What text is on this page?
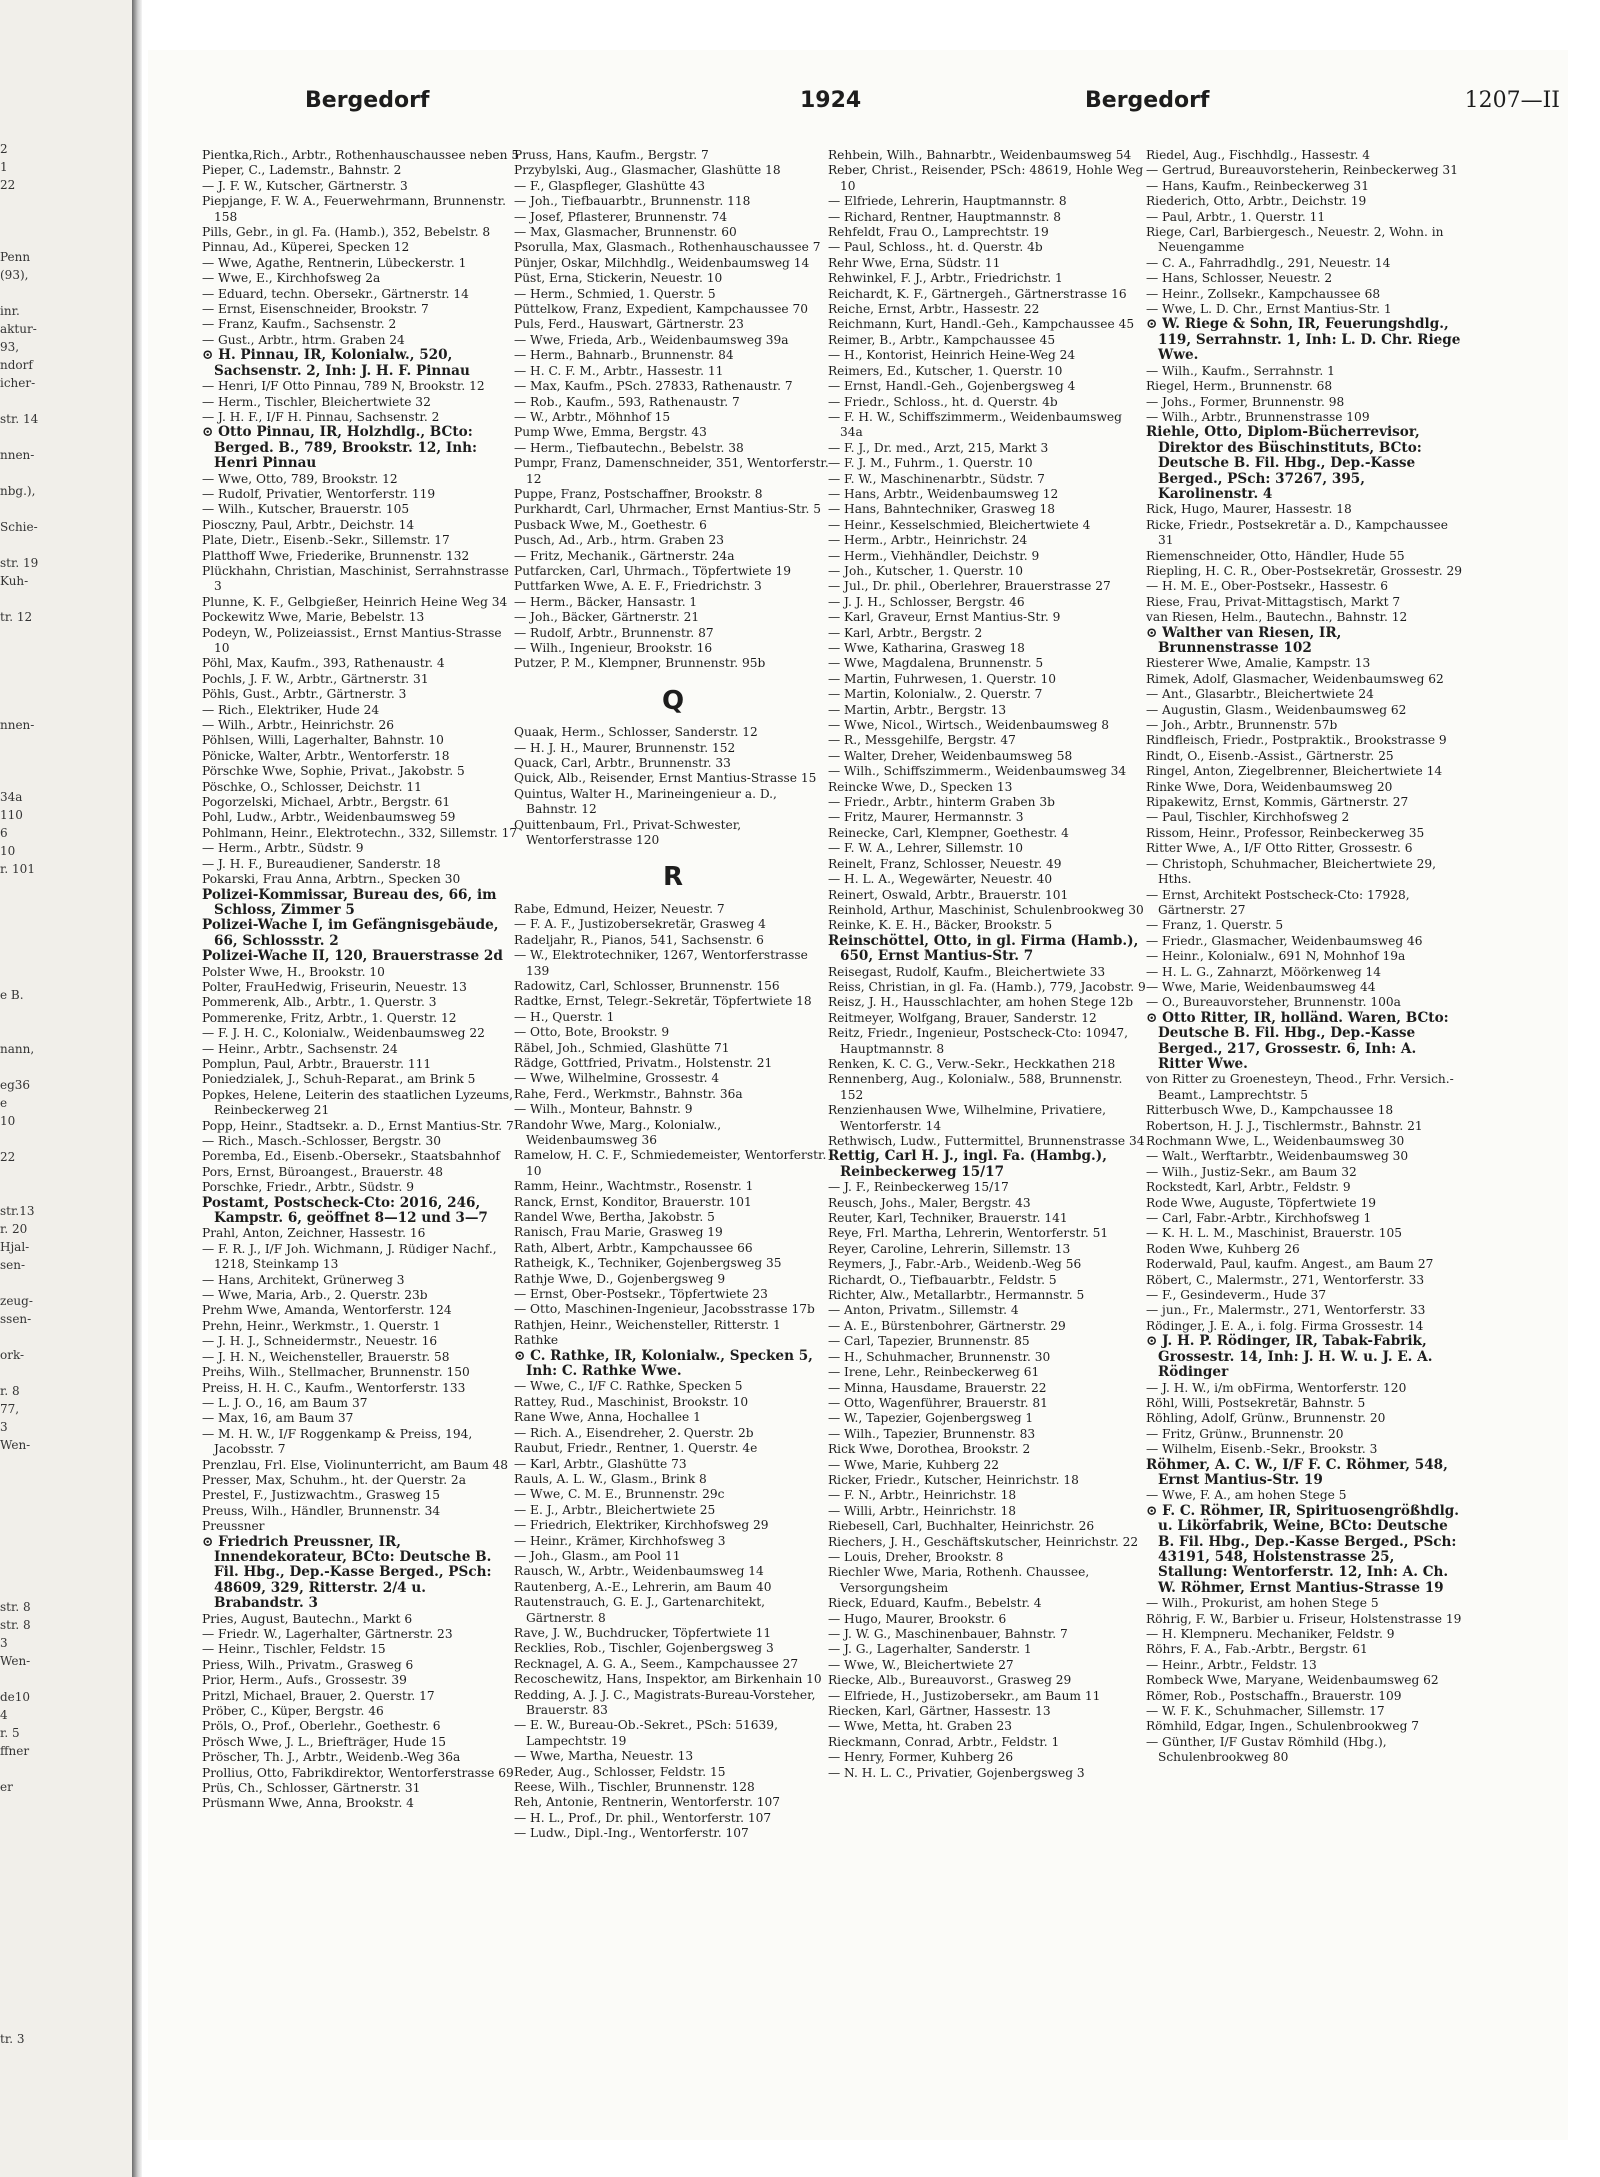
2
1
22

Penn
(93),

inr.
aktur-
93,
ndorf
icher-

str. 14

nnen-

nbg.),

Schie-

str. 19
Kuh-

tr. 12

nnen-

34a
110
6
10
r. 101

e B.

nann,

eg36
e
10

22

str.13
r. 20
Hjal-
sen-

zeug-
ssen-

ork-

r. 8
77,
3
Wen-

str. 8
str. 8
3
Wen-

de10
4
r. 5
ffner

er

tr. 3
Bergedorf	1924	Bergedorf	1207—II
Pientka,Rich., Arbtr., Rothenhauschaussee neben 5
Pieper, C., Lademstr., Bahnstr. 2
— J. F. W., Kutscher, Gärtnerstr. 3
Piepjange, F. W. A., Feuerwehrmann, Brunnenstr. 158
Pills, Gebr., in gl. Fa. (Hamb.), 352, Bebelstr. 8
Pinnau, Ad., Küperei, Specken 12
— Wwe, Agathe, Rentnerin, Lübeckerstr. 1
— Wwe, E., Kirchhofsweg 2a
— Eduard, techn. Obersekr., Gärtnerstr. 14
— Ernst, Eisenschneider, Brookstr. 7
— Franz, Kaufm., Sachsenstr. 2
— Gust., Arbtr., htrm. Graben 24
⊙ H. Pinnau, IR, Kolonialw., 520, Sachsenstr. 2, Inh: J. H. F. Pinnau
— Henri, I/F Otto Pinnau, 789 N, Brookstr. 12
— Herm., Tischler, Bleichertwiete 32
— J. H. F., I/F H. Pinnau, Sachsenstr. 2
⊙ Otto Pinnau, IR, Holzhdlg., BCto: Berged. B., 789, Brookstr. 12, Inh: Henri Pinnau
— Wwe, Otto, 789, Brookstr. 12
— Rudolf, Privatier, Wentorferstr. 119
— Wilh., Kutscher, Brauerstr. 105
Piosczny, Paul, Arbtr., Deichstr. 14
Plate, Dietr., Eisenb.-Sekr., Sillemstr. 17
Platthoff Wwe, Friederike, Brunnenstr. 132
Plückhahn, Christian, Maschinist, Serrahnstrasse 3
Plunne, K. F., Gelbgießer, Heinrich Heine Weg 34
Pockewitz Wwe, Marie, Bebelstr. 13
Podeyn, W., Polizeiassist., Ernst Mantius-Strasse 10
Pöhl, Max, Kaufm., 393, Rathenaustr. 4
Pochls, J. F. W., Arbtr., Gärtnerstr. 31
Pöhls, Gust., Arbtr., Gärtnerstr. 3
— Rich., Elektriker, Hude 24
— Wilh., Arbtr., Heinrichstr. 26
Pöhlsen, Willi, Lagerhalter, Bahnstr. 10
Pönicke, Walter, Arbtr., Wentorferstr. 18
Pörschke Wwe, Sophie, Privat., Jakobstr. 5
Pöschke, O., Schlosser, Deichstr. 11
Pogorzelski, Michael, Arbtr., Bergstr. 61
Pohl, Ludw., Arbtr., Weidenbaumsweg 59
Pohlmann, Heinr., Elektrotechn., 332, Sillemstr. 17
— Herm., Arbtr., Südstr. 9
— J. H. F., Bureaudiener, Sanderstr. 18
Pokarski, Frau Anna, Arbtrn., Specken 30
Polizei-Kommissar, Bureau des, 66, im Schloss, Zimmer 5
Polizei-Wache I, im Gefängnisgebäude, 66, Schlossstr. 2
Polizei-Wache II, 120, Brauerstrasse 2d
Polster Wwe, H., Brookstr. 10
Polter, FrauHedwig, Friseurin, Neuestr. 13
Pommerenk, Alb., Arbtr., 1. Querstr. 3
Pommerenke, Fritz, Arbtr., 1. Querstr. 12
— F. J. H. C., Kolonialw., Weidenbaumsweg 22
— Heinr., Arbtr., Sachsenstr. 24
Pomplun, Paul, Arbtr., Brauerstr. 111
Poniedzialek, J., Schuh-Reparat., am Brink 5
Popkes, Helene, Leiterin des staatlichen Lyzeums, Reinbeckerweg 21
Popp, Heinr., Stadtsekr. a. D., Ernst Mantius-Str. 7
— Rich., Masch.-Schlosser, Bergstr. 30
Poremba, Ed., Eisenb.-Obersekr., Staatsbahnhof
Pors, Ernst, Büroangest., Brauerstr. 48
Porschke, Friedr., Arbtr., Südstr. 9
Postamt, Postscheck-Cto: 2016, 246, Kampstr. 6, geöffnet 8—12 und 3—7
Prahl, Anton, Zeichner, Hassestr. 16
— F. R. J., I/F Joh. Wichmann, J. Rüdiger Nachf., 1218, Steinkamp 13
— Hans, Architekt, Grünerweg 3
— Wwe, Maria, Arb., 2. Querstr. 23b
Prehm Wwe, Amanda, Wentorferstr. 124
Prehn, Heinr., Werkmstr., 1. Querstr. 1
— J. H. J., Schneidermstr., Neuestr. 16
— J. H. N., Weichensteller, Brauerstr. 58
Preihs, Wilh., Stellmacher, Brunnenstr. 150
Preiss, H. H. C., Kaufm., Wentorferstr. 133
— L. J. O., 16, am Baum 37
— Max, 16, am Baum 37
— M. H. W., I/F Roggenkamp & Preiss, 194, Jacobsstr. 7
Prenzlau, Frl. Else, Violinunterricht, am Baum 48
Presser, Max, Schuhm., ht. der Querstr. 2a
Prestel, F., Justizwachtm., Grasweg 15
Preuss, Wilh., Händler, Brunnenstr. 34
Preussner
⊙ Friedrich Preussner, IR, Innendekorateur, BCto: Deutsche B. Fil. Hbg., Dep.-Kasse Berged., PSch: 48609, 329, Ritterstr. 2/4 u. Brabandstr. 3
Pries, August, Bautechn., Markt 6
— Friedr. W., Lagerhalter, Gärtnerstr. 23
— Heinr., Tischler, Feldstr. 15
Priess, Wilh., Privatm., Grasweg 6
Prior, Herm., Aufs., Grossestr. 39
Pritzl, Michael, Brauer, 2. Querstr. 17
Pröber, C., Küper, Bergstr. 46
Pröls, O., Prof., Oberlehr., Goethestr. 6
Prösch Wwe, J. L., Briefträger, Hude 15
Pröscher, Th. J., Arbtr., Weidenb.-Weg 36a
Prollius, Otto, Fabrikdirektor, Wentorferstrasse 69
Prüs, Ch., Schlosser, Gärtnerstr. 31
Prüsmann Wwe, Anna, Brookstr. 4
Pruss, Hans, Kaufm., Bergstr. 7
Przybylski, Aug., Glasmacher, Glashütte 18
— F., Glaspfleger, Glashütte 43
— Joh., Tiefbauarbtr., Brunnenstr. 118
— Josef, Pflasterer, Brunnenstr. 74
— Max, Glasmacher, Brunnenstr. 60
Psorulla, Max, Glasmach., Rothenhauschaussee 7
Pünjer, Oskar, Milchhdlg., Weidenbaumsweg 14
Püst, Erna, Stickerin, Neuestr. 10
— Herm., Schmied, 1. Querstr. 5
Püttelkow, Franz, Expedient, Kampchaussee 70
Puls, Ferd., Hauswart, Gärtnerstr. 23
— Wwe, Frieda, Arb., Weidenbaumsweg 39a
— Herm., Bahnarb., Brunnenstr. 84
— H. C. F. M., Arbtr., Hassestr. 11
— Max, Kaufm., PSch. 27833, Rathenaustr. 7
— Rob., Kaufm., 593, Rathenaustr. 7
— W., Arbtr., Möhnhof 15
Pump Wwe, Emma, Bergstr. 43
— Herm., Tiefbautechn., Bebelstr. 38
Pumpr, Franz, Damenschneider, 351, Wentorferstr. 12
Puppe, Franz, Postschaffner, Brookstr. 8
Purkhardt, Carl, Uhrmacher, Ernst Mantius-Str. 5
Pusback Wwe, M., Goethestr. 6
Pusch, Ad., Arb., htrm. Graben 23
— Fritz, Mechanik., Gärtnerstr. 24a
Putfarcken, Carl, Uhrmach., Töpfertwiete 19
Puttfarken Wwe, A. E. F., Friedrichstr. 3
— Herm., Bäcker, Hansastr. 1
— Joh., Bäcker, Gärtnerstr. 21
— Rudolf, Arbtr., Brunnenstr. 87
— Wilh., Ingenieur, Brookstr. 16
Putzer, P. M., Klempner, Brunnenstr. 95b
Q
Quaak, Herm., Schlosser, Sanderstr. 12
— H. J. H., Maurer, Brunnenstr. 152
Quack, Carl, Arbtr., Brunnenstr. 33
Quick, Alb., Reisender, Ernst Mantius-Strasse 15
Quintus, Walter H., Marineingenieur a. D., Bahnstr. 12
Quittenbaum, Frl., Privat-Schwester, Wentorferstrasse 120
R
Rabe, Edmund, Heizer, Neuestr. 7
— F. A. F., Justizobersekretär, Grasweg 4
Radeljahr, R., Pianos, 541, Sachsenstr. 6
— W., Elektrotechniker, 1267, Wentorferstrasse 139
Radowitz, Carl, Schlosser, Brunnenstr. 156
Radtke, Ernst, Telegr.-Sekretär, Töpfertwiete 18
— H., Querstr. 1
— Otto, Bote, Brookstr. 9
Räbel, Joh., Schmied, Glashütte 71
Rädge, Gottfried, Privatm., Holstenstr. 21
— Wwe, Wilhelmine, Grossestr. 4
Rahe, Ferd., Werkmstr., Bahnstr. 36a
— Wilh., Monteur, Bahnstr. 9
Randohr Wwe, Marg., Kolonialw., Weidenbaumsweg 36
Ramelow, H. C. F., Schmiedemeister, Wentorferstr. 10
Ramm, Heinr., Wachtmstr., Rosenstr. 1
Ranck, Ernst, Konditor, Brauerstr. 101
Randel Wwe, Bertha, Jakobstr. 5
Ranisch, Frau Marie, Grasweg 19
Rath, Albert, Arbtr., Kampchaussee 66
Ratheigk, K., Techniker, Gojenbergsweg 35
Rathje Wwe, D., Gojenbergsweg 9
— Ernst, Ober-Postsekr., Töpfertwiete 23
— Otto, Maschinen-Ingenieur, Jacobsstrasse 17b
Rathjen, Heinr., Weichensteller, Ritterstr. 1
Rathke
⊙ C. Rathke, IR, Kolonialw., Specken 5, Inh: C. Rathke Wwe.
— Wwe, C., I/F C. Rathke, Specken 5
Rattey, Rud., Maschinist, Brookstr. 10
Rane Wwe, Anna, Hochallee 1
— Rich. A., Eisendreher, 2. Querstr. 2b
Raubut, Friedr., Rentner, 1. Querstr. 4e
— Karl, Arbtr., Glashütte 73
Rauls, A. L. W., Glasm., Brink 8
— Wwe, C. M. E., Brunnenstr. 29c
— E. J., Arbtr., Bleichertwiete 25
— Friedrich, Elektriker, Kirchhofsweg 29
— Heinr., Krämer, Kirchhofsweg 3
— Joh., Glasm., am Pool 11
Rausch, W., Arbtr., Weidenbaumsweg 14
Rautenberg, A.-E., Lehrerin, am Baum 40
Rautenstrauch, G. E. J., Gartenarchitekt, Gärtnerstr. 8
Rave, J. W., Buchdrucker, Töpfertwiete 11
Recklies, Rob., Tischler, Gojenbergsweg 3
Recknagel, A. G. A., Seem., Kampchaussee 27
Recoschewitz, Hans, Inspektor, am Birkenhain 10
Redding, A. J. J. C., Magistrats-Bureau-Vorsteher, Brauerstr. 83
— E. W., Bureau-Ob.-Sekret., PSch: 51639, Lampechtstr. 19
— Wwe, Martha, Neuestr. 13
Reder, Aug., Schlosser, Feldstr. 15
Reese, Wilh., Tischler, Brunnenstr. 128
Reh, Antonie, Rentnerin, Wentorferstr. 107
— H. L., Prof., Dr. phil., Wentorferstr. 107
— Ludw., Dipl.-Ing., Wentorferstr. 107
Rehbein, Wilh., Bahnarbtr., Weidenbaumsweg 54
Reber, Christ., Reisender, PSch: 48619, Hohle Weg 10
— Elfriede, Lehrerin, Hauptmannstr. 8
— Richard, Rentner, Hauptmannstr. 8
Rehfeldt, Frau O., Lamprechtstr. 19
— Paul, Schloss., ht. d. Querstr. 4b
Rehr Wwe, Erna, Südstr. 11
Rehwinkel, F. J., Arbtr., Friedrichstr. 1
Reichardt, K. F., Gärtnergeh., Gärtnerstrasse 16
Reiche, Ernst, Arbtr., Hassestr. 22
Reichmann, Kurt, Handl.-Geh., Kampchaussee 45
Reimer, B., Arbtr., Kampchaussee 45
— H., Kontorist, Heinrich Heine-Weg 24
Reimers, Ed., Kutscher, 1. Querstr. 10
— Ernst, Handl.-Geh., Gojenbergsweg 4
— Friedr., Schloss., ht. d. Querstr. 4b
— F. H. W., Schiffszimmerm., Weidenbaumsweg 34a
— F. J., Dr. med., Arzt, 215, Markt 3
— F. J. M., Fuhrm., 1. Querstr. 10
— F. W., Maschinenarbtr., Südstr. 7
— Hans, Arbtr., Weidenbaumsweg 12
— Hans, Bahntechniker, Grasweg 18
— Heinr., Kesselschmied, Bleichertwiete 4
— Herm., Arbtr., Heinrichstr. 24
— Herm., Viehhändler, Deichstr. 9
— Joh., Kutscher, 1. Querstr. 10
— Jul., Dr. phil., Oberlehrer, Brauerstrasse 27
— J. J. H., Schlosser, Bergstr. 46
— Karl, Graveur, Ernst Mantius-Str. 9
— Karl, Arbtr., Bergstr. 2
— Wwe, Katharina, Grasweg 18
— Wwe, Magdalena, Brunnenstr. 5
— Martin, Fuhrwesen, 1. Querstr. 10
— Martin, Kolonialw., 2. Querstr. 7
— Martin, Arbtr., Bergstr. 13
— Wwe, Nicol., Wirtsch., Weidenbaumsweg 8
— R., Messgehilfe, Bergstr. 47
— Walter, Dreher, Weidenbaumsweg 58
— Wilh., Schiffszimmerm., Weidenbaumsweg 34
Reincke Wwe, D., Specken 13
— Friedr., Arbtr., hinterm Graben 3b
— Fritz, Maurer, Hermannstr. 3
Reinecke, Carl, Klempner, Goethestr. 4
— F. W. A., Lehrer, Sillemstr. 10
Reinelt, Franz, Schlosser, Neuestr. 49
— H. L. A., Wegewärter, Neuestr. 40
Reinert, Oswald, Arbtr., Brauerstr. 101
Reinhold, Arthur, Maschinist, Schulenbrookweg 30
Reinke, K. E. H., Bäcker, Brookstr. 5
Reinschöttel, Otto, in gl. Firma (Hamb.), 650, Ernst Mantius-Str. 7
Reisegast, Rudolf, Kaufm., Bleichertwiete 33
Reiss, Christian, in gl. Fa. (Hamb.), 779, Jacobstr. 9
Reisz, J. H., Hausschlachter, am hohen Stege 12b
Reitmeyer, Wolfgang, Brauer, Sanderstr. 12
Reitz, Friedr., Ingenieur, Postscheck-Cto: 10947, Hauptmannstr. 8
Renken, K. C. G., Verw.-Sekr., Heckkathen 218
Rennenberg, Aug., Kolonialw., 588, Brunnenstr. 152
Renzienhausen Wwe, Wilhelmine, Privatiere, Wentorferstr. 14
Rethwisch, Ludw., Futtermittel, Brunnenstrasse 34
Rettig, Carl H. J., ingl. Fa. (Hambg.), Reinbeckerweg 15/17
— J. F., Reinbeckerweg 15/17
Reusch, Johs., Maler, Bergstr. 43
Reuter, Karl, Techniker, Brauerstr. 141
Reye, Frl. Martha, Lehrerin, Wentorferstr. 51
Reyer, Caroline, Lehrerin, Sillemstr. 13
Reymers, J., Fabr.-Arb., Weidenb.-Weg 56
Richardt, O., Tiefbauarbtr., Feldstr. 5
Richter, Alw., Metallarbtr., Hermannstr. 5
— Anton, Privatm., Sillemstr. 4
— A. E., Bürstenbohrer, Gärtnerstr. 29
— Carl, Tapezier, Brunnenstr. 85
— H., Schuhmacher, Brunnenstr. 30
— Irene, Lehr., Reinbeckerweg 61
— Minna, Hausdame, Brauerstr. 22
— Otto, Wagenführer, Brauerstr. 81
— W., Tapezier, Gojenbergsweg 1
— Wilh., Tapezier, Brunnenstr. 83
Rick Wwe, Dorothea, Brookstr. 2
— Wwe, Marie, Kuhberg 22
Ricker, Friedr., Kutscher, Heinrichstr. 18
— F. N., Arbtr., Heinrichstr. 18
— Willi, Arbtr., Heinrichstr. 18
Riebesell, Carl, Buchhalter, Heinrichstr. 26
Riechers, J. H., Geschäftskutscher, Heinrichstr. 22
— Louis, Dreher, Brookstr. 8
Riechler Wwe, Maria, Rothenh. Chaussee, Versorgungsheim
Rieck, Eduard, Kaufm., Bebelstr. 4
— Hugo, Maurer, Brookstr. 6
— J. W. G., Maschinenbauer, Bahnstr. 7
— J. G., Lagerhalter, Sanderstr. 1
— Wwe, W., Bleichertwiete 27
Riecke, Alb., Bureauvorst., Grasweg 29
— Elfriede, H., Justizobersekr., am Baum 11
Riecken, Karl, Gärtner, Hassestr. 13
— Wwe, Metta, ht. Graben 23
Rieckmann, Conrad, Arbtr., Feldstr. 1
— Henry, Former, Kuhberg 26
— N. H. L. C., Privatier, Gojenbergsweg 3
Riedel, Aug., Fischhdlg., Hassestr. 4
— Gertrud, Bureauvorsteherin, Reinbeckerweg 31
— Hans, Kaufm., Reinbeckerweg 31
Riederich, Otto, Arbtr., Deichstr. 19
— Paul, Arbtr., 1. Querstr. 11
Riege, Carl, Barbiergesch., Neuestr. 2, Wohn. in Neuengamme
— C. A., Fahrradhdlg., 291, Neuestr. 14
— Hans, Schlosser, Neuestr. 2
— Heinr., Zollsekr., Kampchaussee 68
— Wwe, L. D. Chr., Ernst Mantius-Str. 1
⊙ W. Riege & Sohn, IR, Feuerungshdlg., 119, Serrahnstr. 1, Inh: L. D. Chr. Riege Wwe.
— Wilh., Kaufm., Serrahnstr. 1
Riegel, Herm., Brunnenstr. 68
— Johs., Former, Brunnenstr. 98
— Wilh., Arbtr., Brunnenstrasse 109
Riehle, Otto, Diplom-Bücherrevisor, Direktor des Büschinstituts, BCto: Deutsche B. Fil. Hbg., Dep.-Kasse Berged., PSch: 37267, 395, Karolinenstr. 4
Rick, Hugo, Maurer, Hassestr. 18
Ricke, Friedr., Postsekretär a. D., Kampchaussee 31
Riemenschneider, Otto, Händler, Hude 55
Riepling, H. C. R., Ober-Postsekretär, Grossestr. 29
— H. M. E., Ober-Postsekr., Hassestr. 6
Riese, Frau, Privat-Mittagstisch, Markt 7
van Riesen, Helm., Bautechn., Bahnstr. 12
⊙ Walther van Riesen, IR, Brunnenstrasse 102
Riesterer Wwe, Amalie, Kampstr. 13
Rimek, Adolf, Glasmacher, Weidenbaumsweg 62
— Ant., Glasarbtr., Bleichertwiete 24
— Augustin, Glasm., Weidenbaumsweg 62
— Joh., Arbtr., Brunnenstr. 57b
Rindfleisch, Friedr., Postpraktik., Brookstrasse 9
Rindt, O., Eisenb.-Assist., Gärtnerstr. 25
Ringel, Anton, Ziegelbrenner, Bleichertwiete 14
Rinke Wwe, Dora, Weidenbaumsweg 20
Ripakewitz, Ernst, Kommis, Gärtnerstr. 27
— Paul, Tischler, Kirchhofsweg 2
Rissom, Heinr., Professor, Reinbeckerweg 35
Ritter Wwe, A., I/F Otto Ritter, Grossestr. 6
— Christoph, Schuhmacher, Bleichertwiete 29, Hths.
— Ernst, Architekt Postscheck-Cto: 17928, Gärtnerstr. 27
— Franz, 1. Querstr. 5
— Friedr., Glasmacher, Weidenbaumsweg 46
— Heinr., Kolonialw., 691 N, Mohnhof 19a
— H. L. G., Zahnarzt, Möörkenweg 14
— Wwe, Marie, Weidenbaumsweg 44
— O., Bureauvorsteher, Brunnenstr. 100a
⊙ Otto Ritter, IR, holländ. Waren, BCto: Deutsche B. Fil. Hbg., Dep.-Kasse Berged., 217, Grossestr. 6, Inh: A. Ritter Wwe.
von Ritter zu Groenesteyn, Theod., Frhr. Versich.-Beamt., Lamprechtstr. 5
Ritterbusch Wwe, D., Kampchaussee 18
Robertson, H. J. J., Tischlermstr., Bahnstr. 21
Rochmann Wwe, L., Weidenbaumsweg 30
— Walt., Werftarbtr., Weidenbaumsweg 30
— Wilh., Justiz-Sekr., am Baum 32
Rockstedt, Karl, Arbtr., Feldstr. 9
Rode Wwe, Auguste, Töpfertwiete 19
— Carl, Fabr.-Arbtr., Kirchhofsweg 1
— K. H. L. M., Maschinist, Brauerstr. 105
Roden Wwe, Kuhberg 26
Roderwald, Paul, kaufm. Angest., am Baum 27
Röbert, C., Malermstr., 271, Wentorferstr. 33
— F., Gesindeverm., Hude 37
— jun., Fr., Malermstr., 271, Wentorferstr. 33
Rödinger, J. E. A., i. folg. Firma Grossestr. 14
⊙ J. H. P. Rödinger, IR, Tabak-Fabrik, Grossestr. 14, Inh: J. H. W. u. J. E. A. Rödinger
— J. H. W., i/m obFirma, Wentorferstr. 120
Röhl, Willi, Postsekretär, Bahnstr. 5
Röhling, Adolf, Grünw., Brunnenstr. 20
— Fritz, Grünw., Brunnenstr. 20
— Wilhelm, Eisenb.-Sekr., Brookstr. 3
Röhmer, A. C. W., I/F F. C. Röhmer, 548, Ernst Mantius-Str. 19
— Wwe, F. A., am hohen Stege 5
⊙ F. C. Röhmer, IR, Spirituosengrößhdlg. u. Likörfabrik, Weine, BCto: Deutsche B. Fil. Hbg., Dep.-Kasse Berged., PSch: 43191, 548, Holstenstrasse 25, Stallung: Wentorferstr. 12, Inh: A. Ch. W. Röhmer, Ernst Mantius-Strasse 19
— Wilh., Prokurist, am hohen Stege 5
Röhrig, F. W., Barbier u. Friseur, Holstenstrasse 19
— H. Klempneru. Mechaniker, Feldstr. 9
Röhrs, F. A., Fab.-Arbtr., Bergstr. 61
— Heinr., Arbtr., Feldstr. 13
Rombeck Wwe, Maryane, Weidenbaumsweg 62
Römer, Rob., Postschaffn., Brauerstr. 109
— W. F. K., Schuhmacher, Sillemstr. 17
Römhild, Edgar, Ingen., Schulenbrookweg 7
— Günther, I/F Gustav Römhild (Hbg.), Schulenbrookweg 80
